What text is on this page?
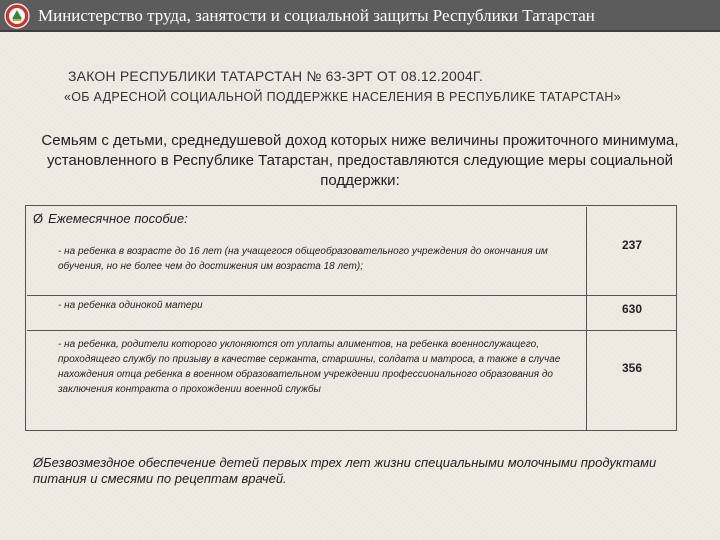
Министерство труда, занятости и социальной защиты Республики Татарстан
ЗАКОН РЕСПУБЛИКИ ТАТАРСТАН № 63-ЗРТ ОТ 08.12.2004Г.
«ОБ АДРЕСНОЙ СОЦИАЛЬНОЙ ПОДДЕРЖКЕ НАСЕЛЕНИЯ В РЕСПУБЛИКЕ ТАТАРСТАН»
Семьям с детьми, среднедушевой доход которых ниже величины прожиточного минимума, установленного в Республике Татарстан, предоставляются следующие меры социальной поддержки:
Ø Ежемесячное пособие:
- на ребенка в возрасте до 16 лет (на учащегося общеобразовательного учреждения до окончания им обучения, но не более чем до достижения им возраста 18 лет);
237
- на ребенка одинокой матери	630
- на ребенка, родители которого уклоняются от уплаты алиментов, на ребенка военнослужащего, проходящего службу по призыву в качестве сержанта, старшины, солдата и матроса, а также в случае нахождения отца ребенка в военном образовательном учреждении профессионального образования до заключения контракта о прохождении военной службы
356
ØБезвозмездное обеспечение детей первых трех лет жизни специальными молочными продуктами питания и смесями по рецептам врачей.
